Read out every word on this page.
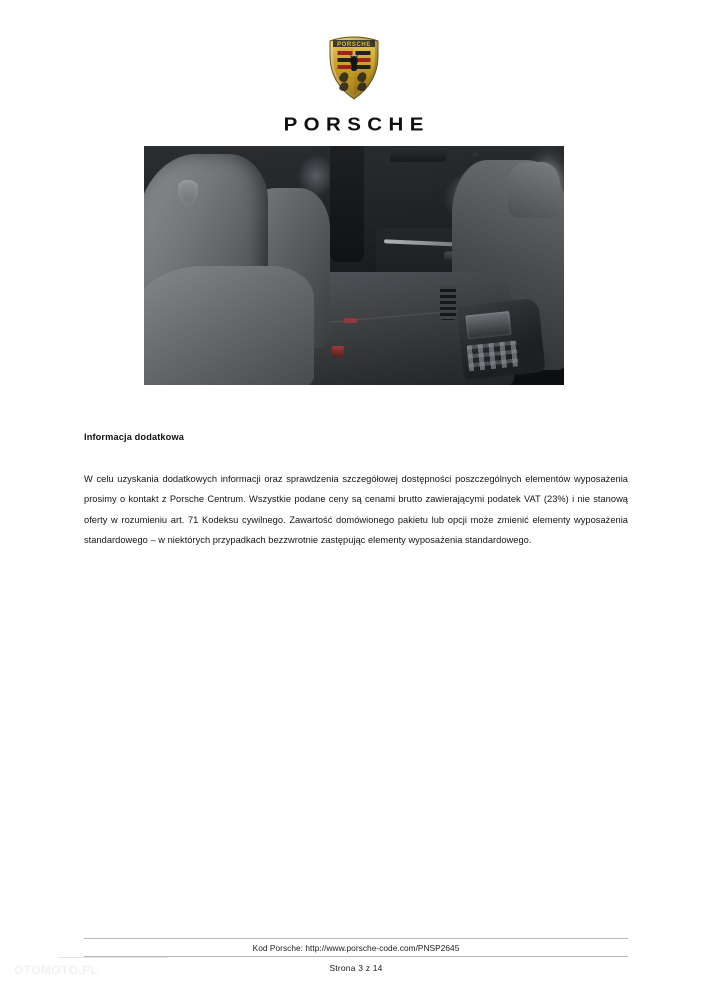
PORSCHE
PORSCHE
Informacja dodatkowa
W celu uzyskania dodatkowych informacji oraz sprawdzenia szczegółowej dostępności poszczególnych elementów wyposażenia prosimy o kontakt z Porsche Centrum. Wszystkie podane ceny są cenami brutto zawierającymi podatek VAT (23%) i nie stanową oferty w rozumieniu art. 71 Kodeksu cywilnego. Zawartość domówionego pakietu lub opcji może zmienić elementy wyposażenia standardowego – w niektórych przypadkach bezzwrotnie zastępując elementy wyposażenia standardowego.
Kod Porsche: http://www.porsche-code.com/PNSP2645
Strona 3 z 14
OTOMOTO.PL
